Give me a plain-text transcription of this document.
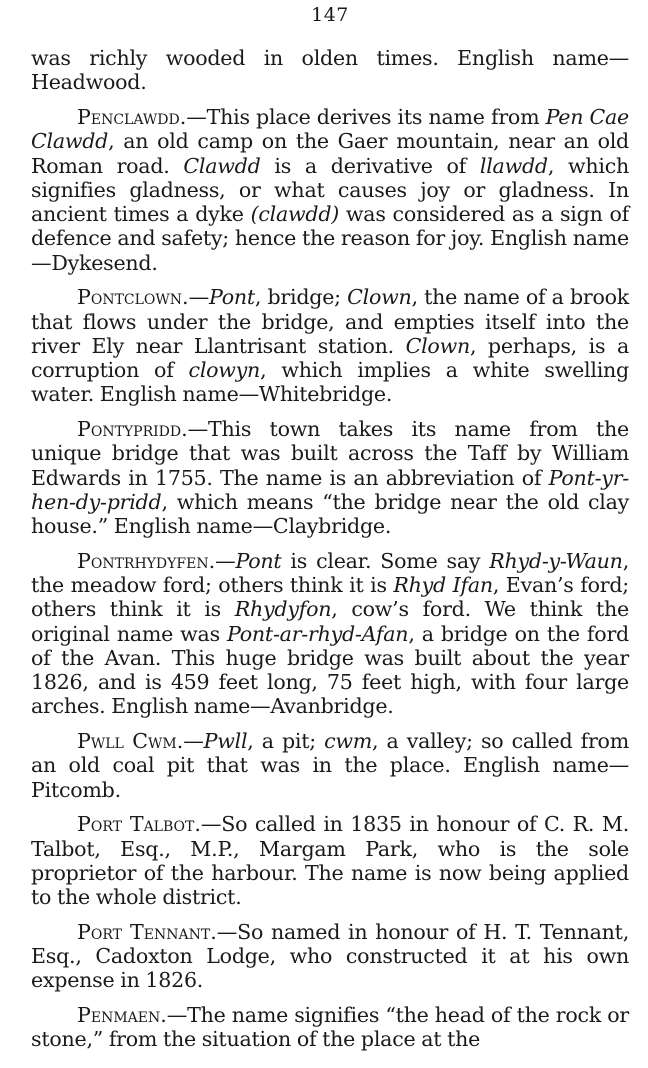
147

was richly wooded in olden times. English name—Headwood.

Penclawdd.—This place derives its name from Pen Cae Clawdd, an old camp on the Gaer mountain, near an old Roman road. Clawdd is a derivative of llawdd, which signifies gladness, or what causes joy or gladness. In ancient times a dyke (clawdd) was considered as a sign of defence and safety; hence the reason for joy. English name—Dykesend.

Pontclown.—Pont, bridge; Clown, the name of a brook that flows under the bridge, and empties itself into the river Ely near Llantrisant station. Clown, perhaps, is a corruption of clowyn, which implies a white swelling water. English name—Whitebridge.

Pontypridd.—This town takes its name from the unique bridge that was built across the Taff by William Edwards in 1755. The name is an abbreviation of Pont-yr-hen-dy-pridd, which means “the bridge near the old clay house.” English name—Claybridge.

Pontrhydyfen.—Pont is clear. Some say Rhyd-y-Waun, the meadow ford; others think it is Rhyd Ifan, Evan’s ford; others think it is Rhydyfon, cow’s ford. We think the original name was Pont-ar-rhyd-Afan, a bridge on the ford of the Avan. This huge bridge was built about the year 1826, and is 459 feet long, 75 feet high, with four large arches. English name—Avanbridge.

Pwll Cwm.—Pwll, a pit; cwm, a valley; so called from an old coal pit that was in the place. English name—Pitcomb.

Port Talbot.—So called in 1835 in honour of C. R. M. Talbot, Esq., M.P., Margam Park, who is the sole proprietor of the harbour. The name is now being applied to the whole district.

Port Tennant.—So named in honour of H. T. Tennant, Esq., Cadoxton Lodge, who constructed it at his own expense in 1826.

Penmaen.—The name signifies “the head of the rock or stone,” from the situation of the place at the
